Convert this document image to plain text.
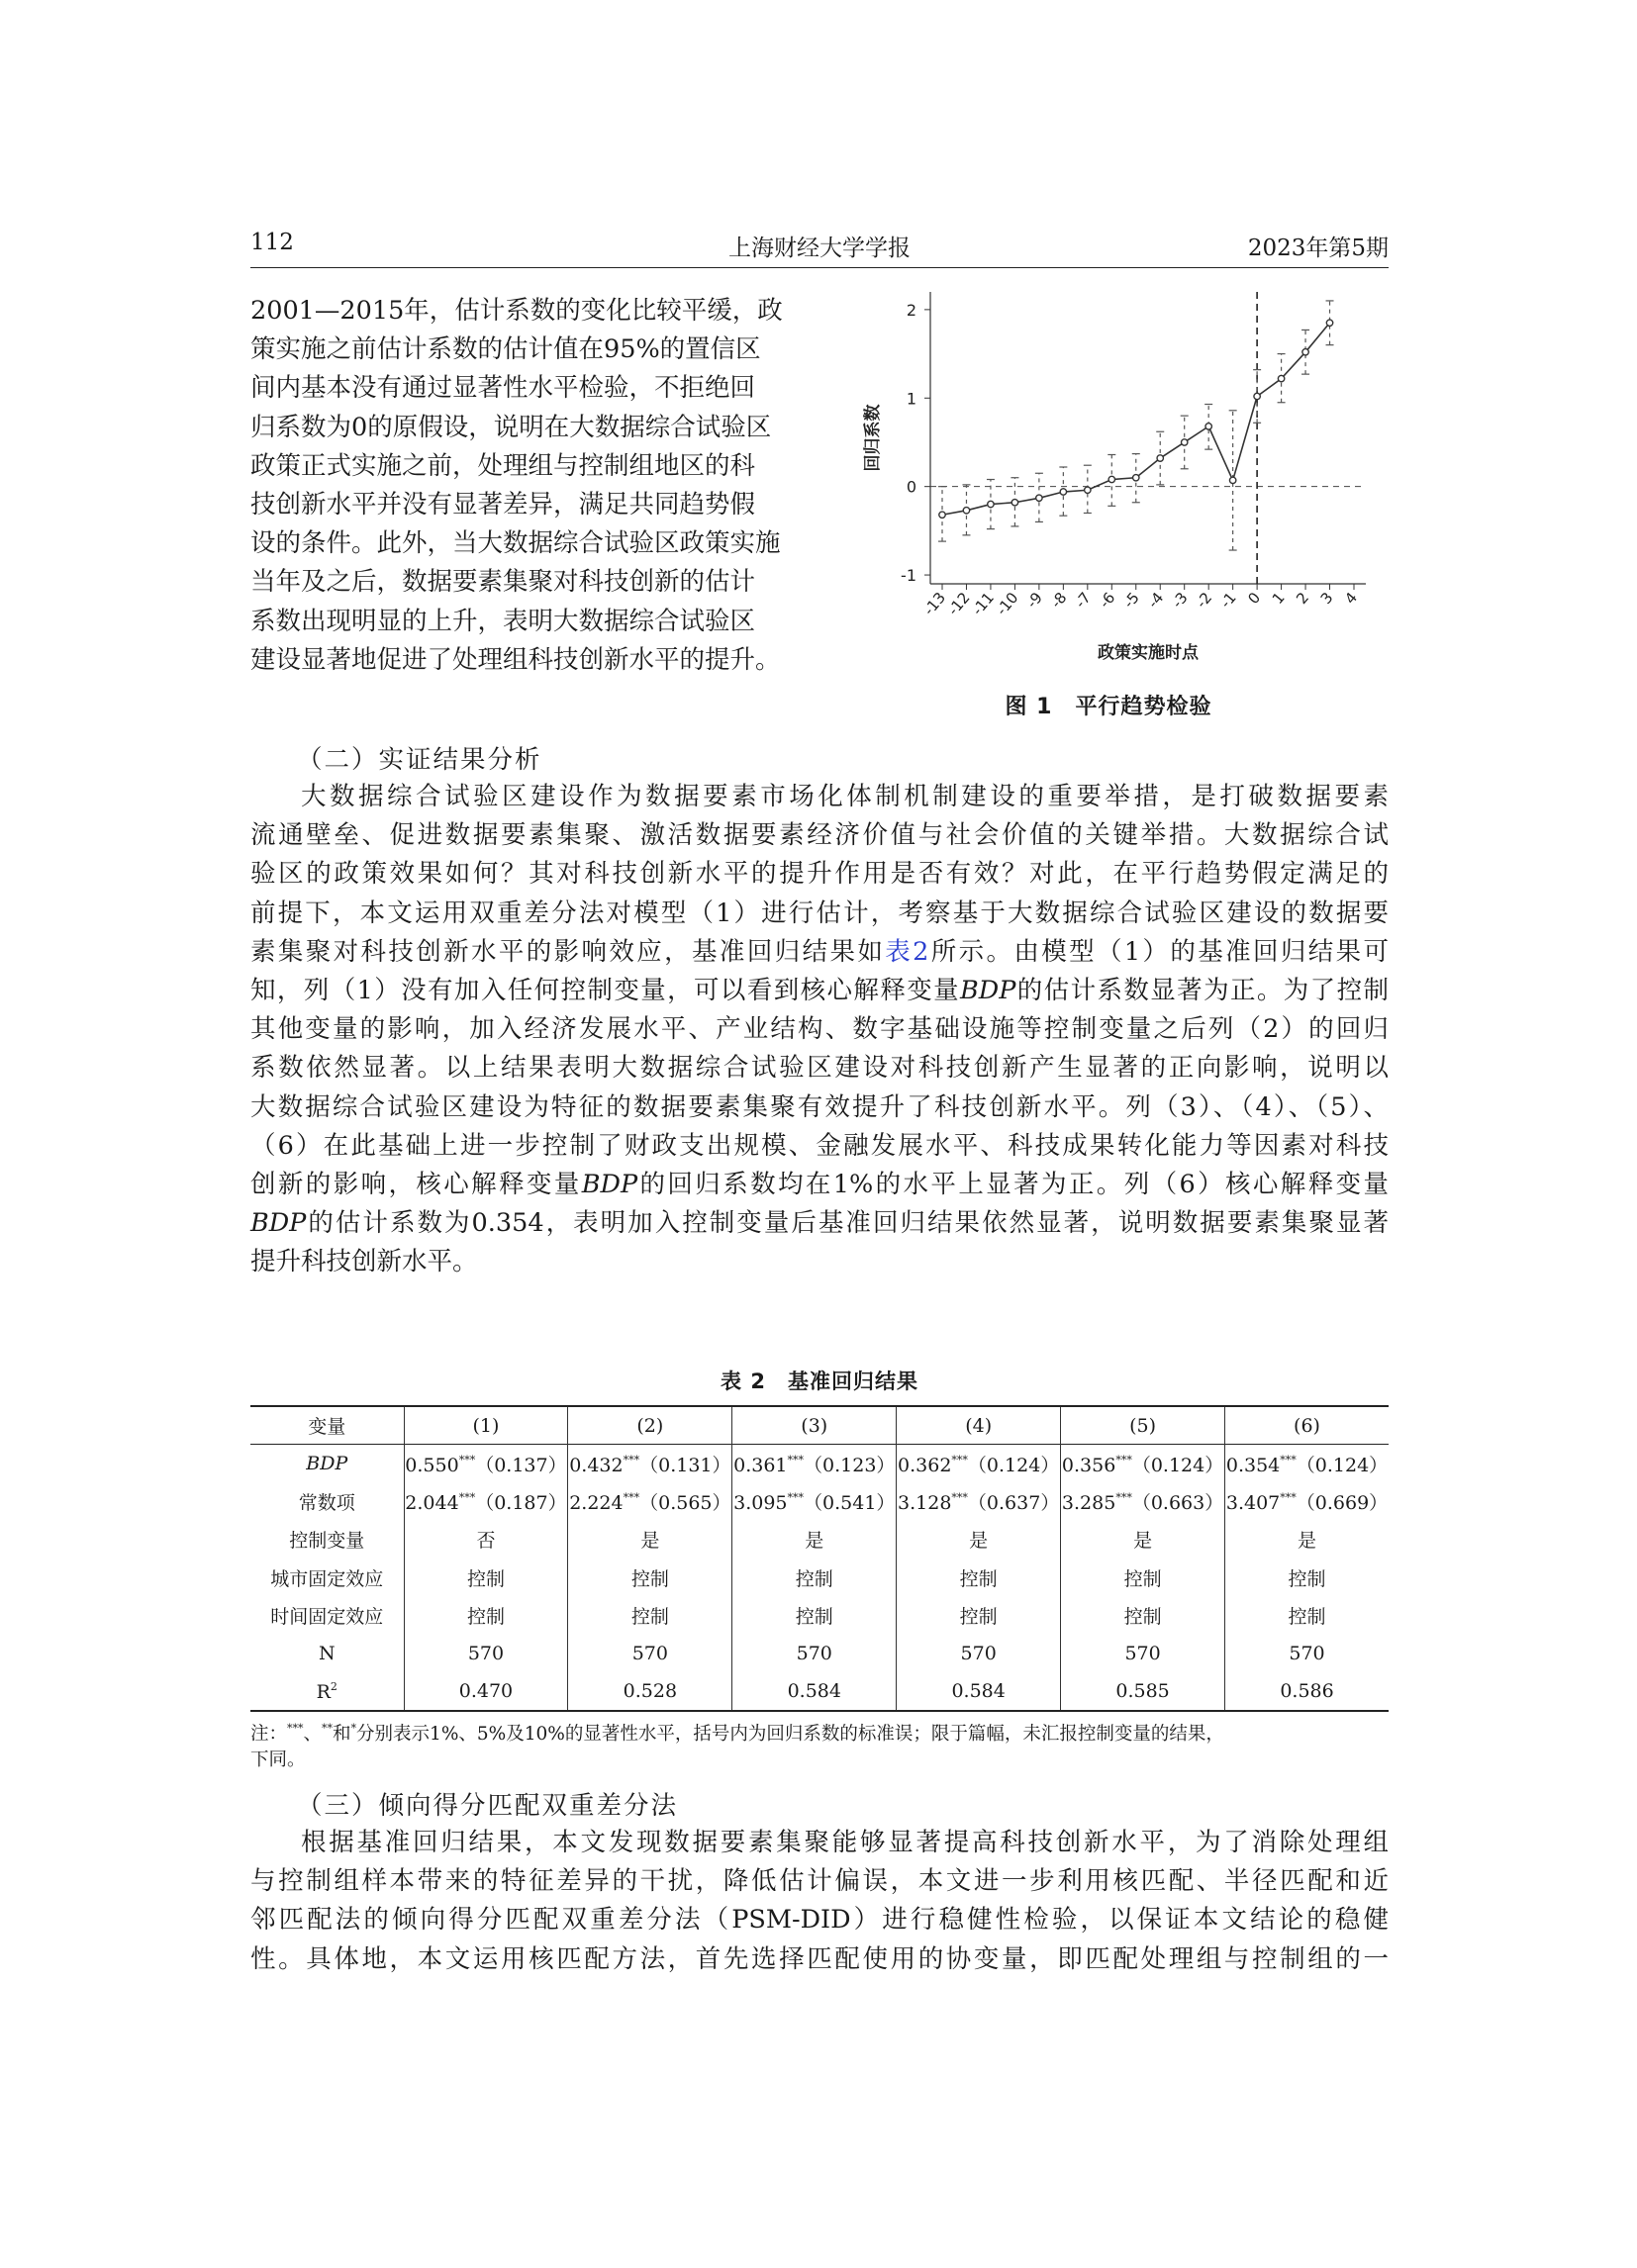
112	上海财经大学学报	2023年第5期
2001—2015年，估计系数的变化比较平缓，政
策实施之前估计系数的估计值在95%的置信区
间内基本没有通过显著性水平检验，不拒绝回
归系数为0的原假设，说明在大数据综合试验区
政策正式实施之前，处理组与控制组地区的科
技创新水平并没有显著差异，满足共同趋势假
设的条件。此外，当大数据综合试验区政策实施
当年及之后，数据要素集聚对科技创新的估计
系数出现明显的上升，表明大数据综合试验区
建设显著地促进了处理组科技创新水平的提升。
-1
0
1
2
-13
-12
-11
-10 -9 -8 -7 -6 -5 -4 -3 -2 -1 0 1 2 3 4
政策实施时点
回归系数
图 1　平行趋势检验
（二）实证结果分析
大数据综合试验区建设作为数据要素市场化体制机制建设的重要举措，是打破数据要素
流通壁垒、促进数据要素集聚、激活数据要素经济价值与社会价值的关键举措。大数据综合试
验区的政策效果如何？其对科技创新水平的提升作用是否有效？对此，在平行趋势假定满足的
前提下，本文运用双重差分法对模型（1）进行估计，考察基于大数据综合试验区建设的数据要
素集聚对科技创新水平的影响效应，基准回归结果如表2所示。由模型（1）的基准回归结果可
知，列（1）没有加入任何控制变量，可以看到核心解释变量BDP的估计系数显著为正。为了控制
其他变量的影响，加入经济发展水平、产业结构、数字基础设施等控制变量之后列（2）的回归
系数依然显著。以上结果表明大数据综合试验区建设对科技创新产生显著的正向影响，说明以
大数据综合试验区建设为特征的数据要素集聚有效提升了科技创新水平。列（3）、（4）、（5）、
（6）在此基础上进一步控制了财政支出规模、金融发展水平、科技成果转化能力等因素对科技
创新的影响，核心解释变量BDP的回归系数均在1%的水平上显著为正。列（6）核心解释变量
BDP的估计系数为0.354，表明加入控制变量后基准回归结果依然显著，说明数据要素集聚显著
提升科技创新水平。
表 2　基准回归结果
变量	(1)	(2)	(3)	(4)	(5)	(6)
BDP	0.550***（0.137）	0.432***（0.131）	0.361***（0.123）	0.362***（0.124）	0.356***（0.124）	0.354***（0.124）
常数项	2.044***（0.187）	2.224***（0.565）	3.095***（0.541）	3.128***（0.637）	3.285***（0.663）	3.407***（0.669）
控制变量	否	是	是	是	是	是
城市固定效应	控制	控制	控制	控制	控制	控制
时间固定效应	控制	控制	控制	控制	控制	控制
N	570	570	570	570	570	570
$R^2$	0.470	0.528	0.584	0.584	0.585	0.586
注：***、**和*分别表示1%、5%及10%的显著性水平，括号内为回归系数的标准误；限于篇幅，未汇报控制变量的结果，
下同。
（三）倾向得分匹配双重差分法
根据基准回归结果，本文发现数据要素集聚能够显著提高科技创新水平，为了消除处理组
与控制组样本带来的特征差异的干扰，降低估计偏误，本文进一步利用核匹配、半径匹配和近
邻匹配法的倾向得分匹配双重差分法（PSM-DID）进行稳健性检验，以保证本文结论的稳健
性。具体地，本文运用核匹配方法，首先选择匹配使用的协变量，即匹配处理组与控制组的一
